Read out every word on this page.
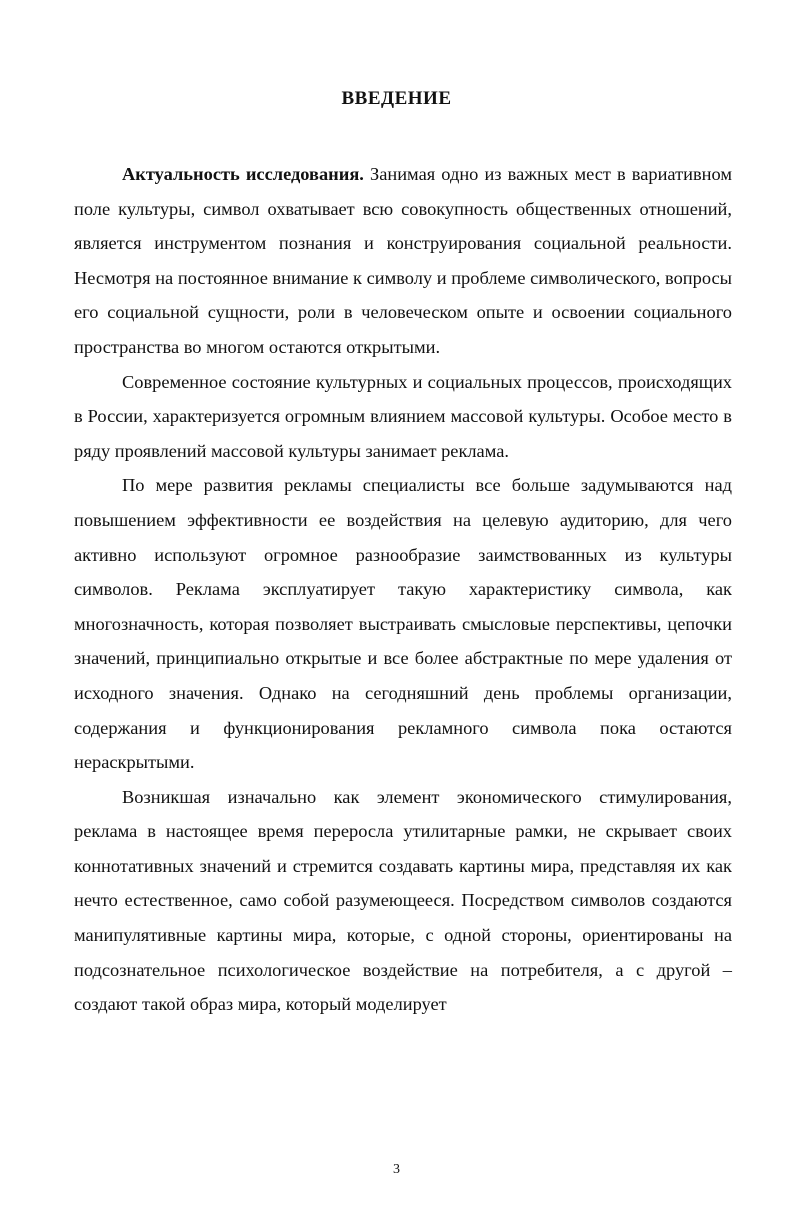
ВВЕДЕНИЕ

Актуальность исследования. Занимая одно из важных мест в вариативном поле культуры, символ охватывает всю совокупность общественных отношений, является инструментом познания и конструирования социальной реальности. Несмотря на постоянное внимание к символу и проблеме символического, вопросы его социальной сущности, роли в человеческом опыте и освоении социального пространства во многом остаются открытыми.

Современное состояние культурных и социальных процессов, происходящих в России, характеризуется огромным влиянием массовой культуры. Особое место в ряду проявлений массовой культуры занимает реклама.

По мере развития рекламы специалисты все больше задумываются над повышением эффективности ее воздействия на целевую аудиторию, для чего активно используют огромное разнообразие заимствованных из культуры символов. Реклама эксплуатирует такую характеристику символа, как многозначность, которая позволяет выстраивать смысловые перспективы, цепочки значений, принципиально открытые и все более абстрактные по мере удаления от исходного значения. Однако на сегодняшний день проблемы организации, содержания и функционирования рекламного символа пока остаются нераскрытыми.

Возникшая изначально как элемент экономического стимулирования, реклама в настоящее время переросла утилитарные рамки, не скрывает своих коннотативных значений и стремится создавать картины мира, представляя их как нечто естественное, само собой разумеющееся. Посредством символов создаются манипулятивные картины мира, которые, с одной стороны, ориентированы на подсознательное психологическое воздействие на потребителя, а с другой – создают такой образ мира, который моделирует

3
